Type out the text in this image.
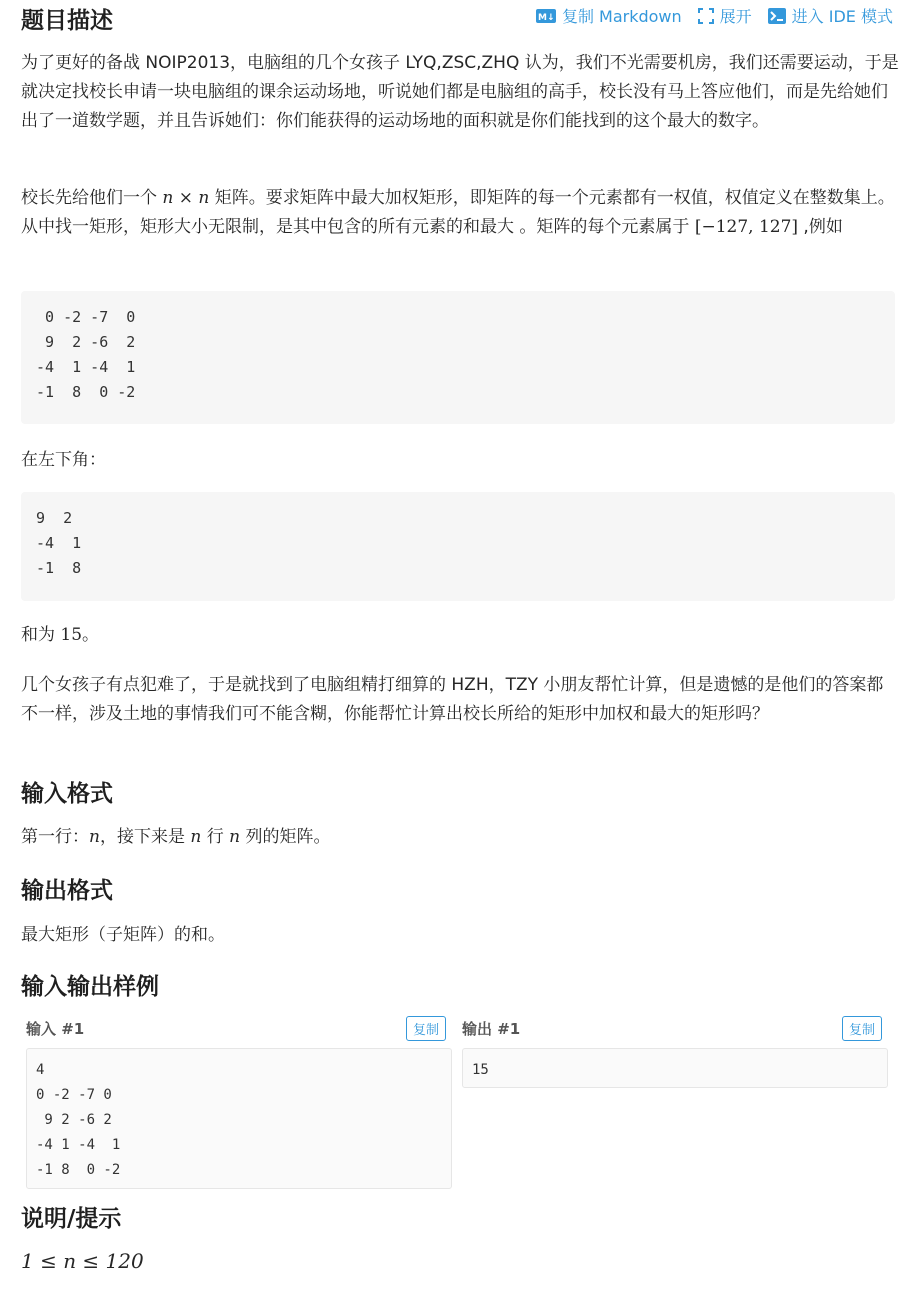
题目描述	M↓ 复制 Markdown 展开	进入 IDE 模式

为了更好的备战 NOIP2013，电脑组的几个女孩子 LYQ,ZSC,ZHQ 认为，我们不光需要机房，我们还需要运动，于是就决定找校长申请一块电脑组的课余运动场地，听说她们都是电脑组的高手，校长没有马上答应他们，而是先给她们出了一道数学题，并且告诉她们：你们能获得的运动场地的面积就是你们能找到的这个最大的数字。

校长先给他们一个 n × n 矩阵。要求矩阵中最大加权矩形，即矩阵的每一个元素都有一权值，权值定义在整数集上。从中找一矩形，矩形大小无限制，是其中包含的所有元素的和最大 。矩阵的每个元素属于 [−127, 127] ,例如

0 -2 -7  0
9  2 -6  2
-4  1 -4  1
-1  8  0 -2

在左下角：

9  2
-4  1
-1  8

和为 15。

几个女孩子有点犯难了，于是就找到了电脑组精打细算的 HZH，TZY 小朋友帮忙计算，但是遗憾的是他们的答案都不一样，涉及土地的事情我们可不能含糊，你能帮忙计算出校长所给的矩形中加权和最大的矩形吗？

输入格式

第一行：n，接下来是 n 行 n 列的矩阵。

输出格式

最大矩形（子矩阵）的和。

输入输出样例
输入 #1	复制
4
0 -2 -7 0
9 2 -6 2
-4 1 -4  1
-1 8  0 -2
输出 #1	复制
15
说明/提示

1 ≤ n ≤ 120
